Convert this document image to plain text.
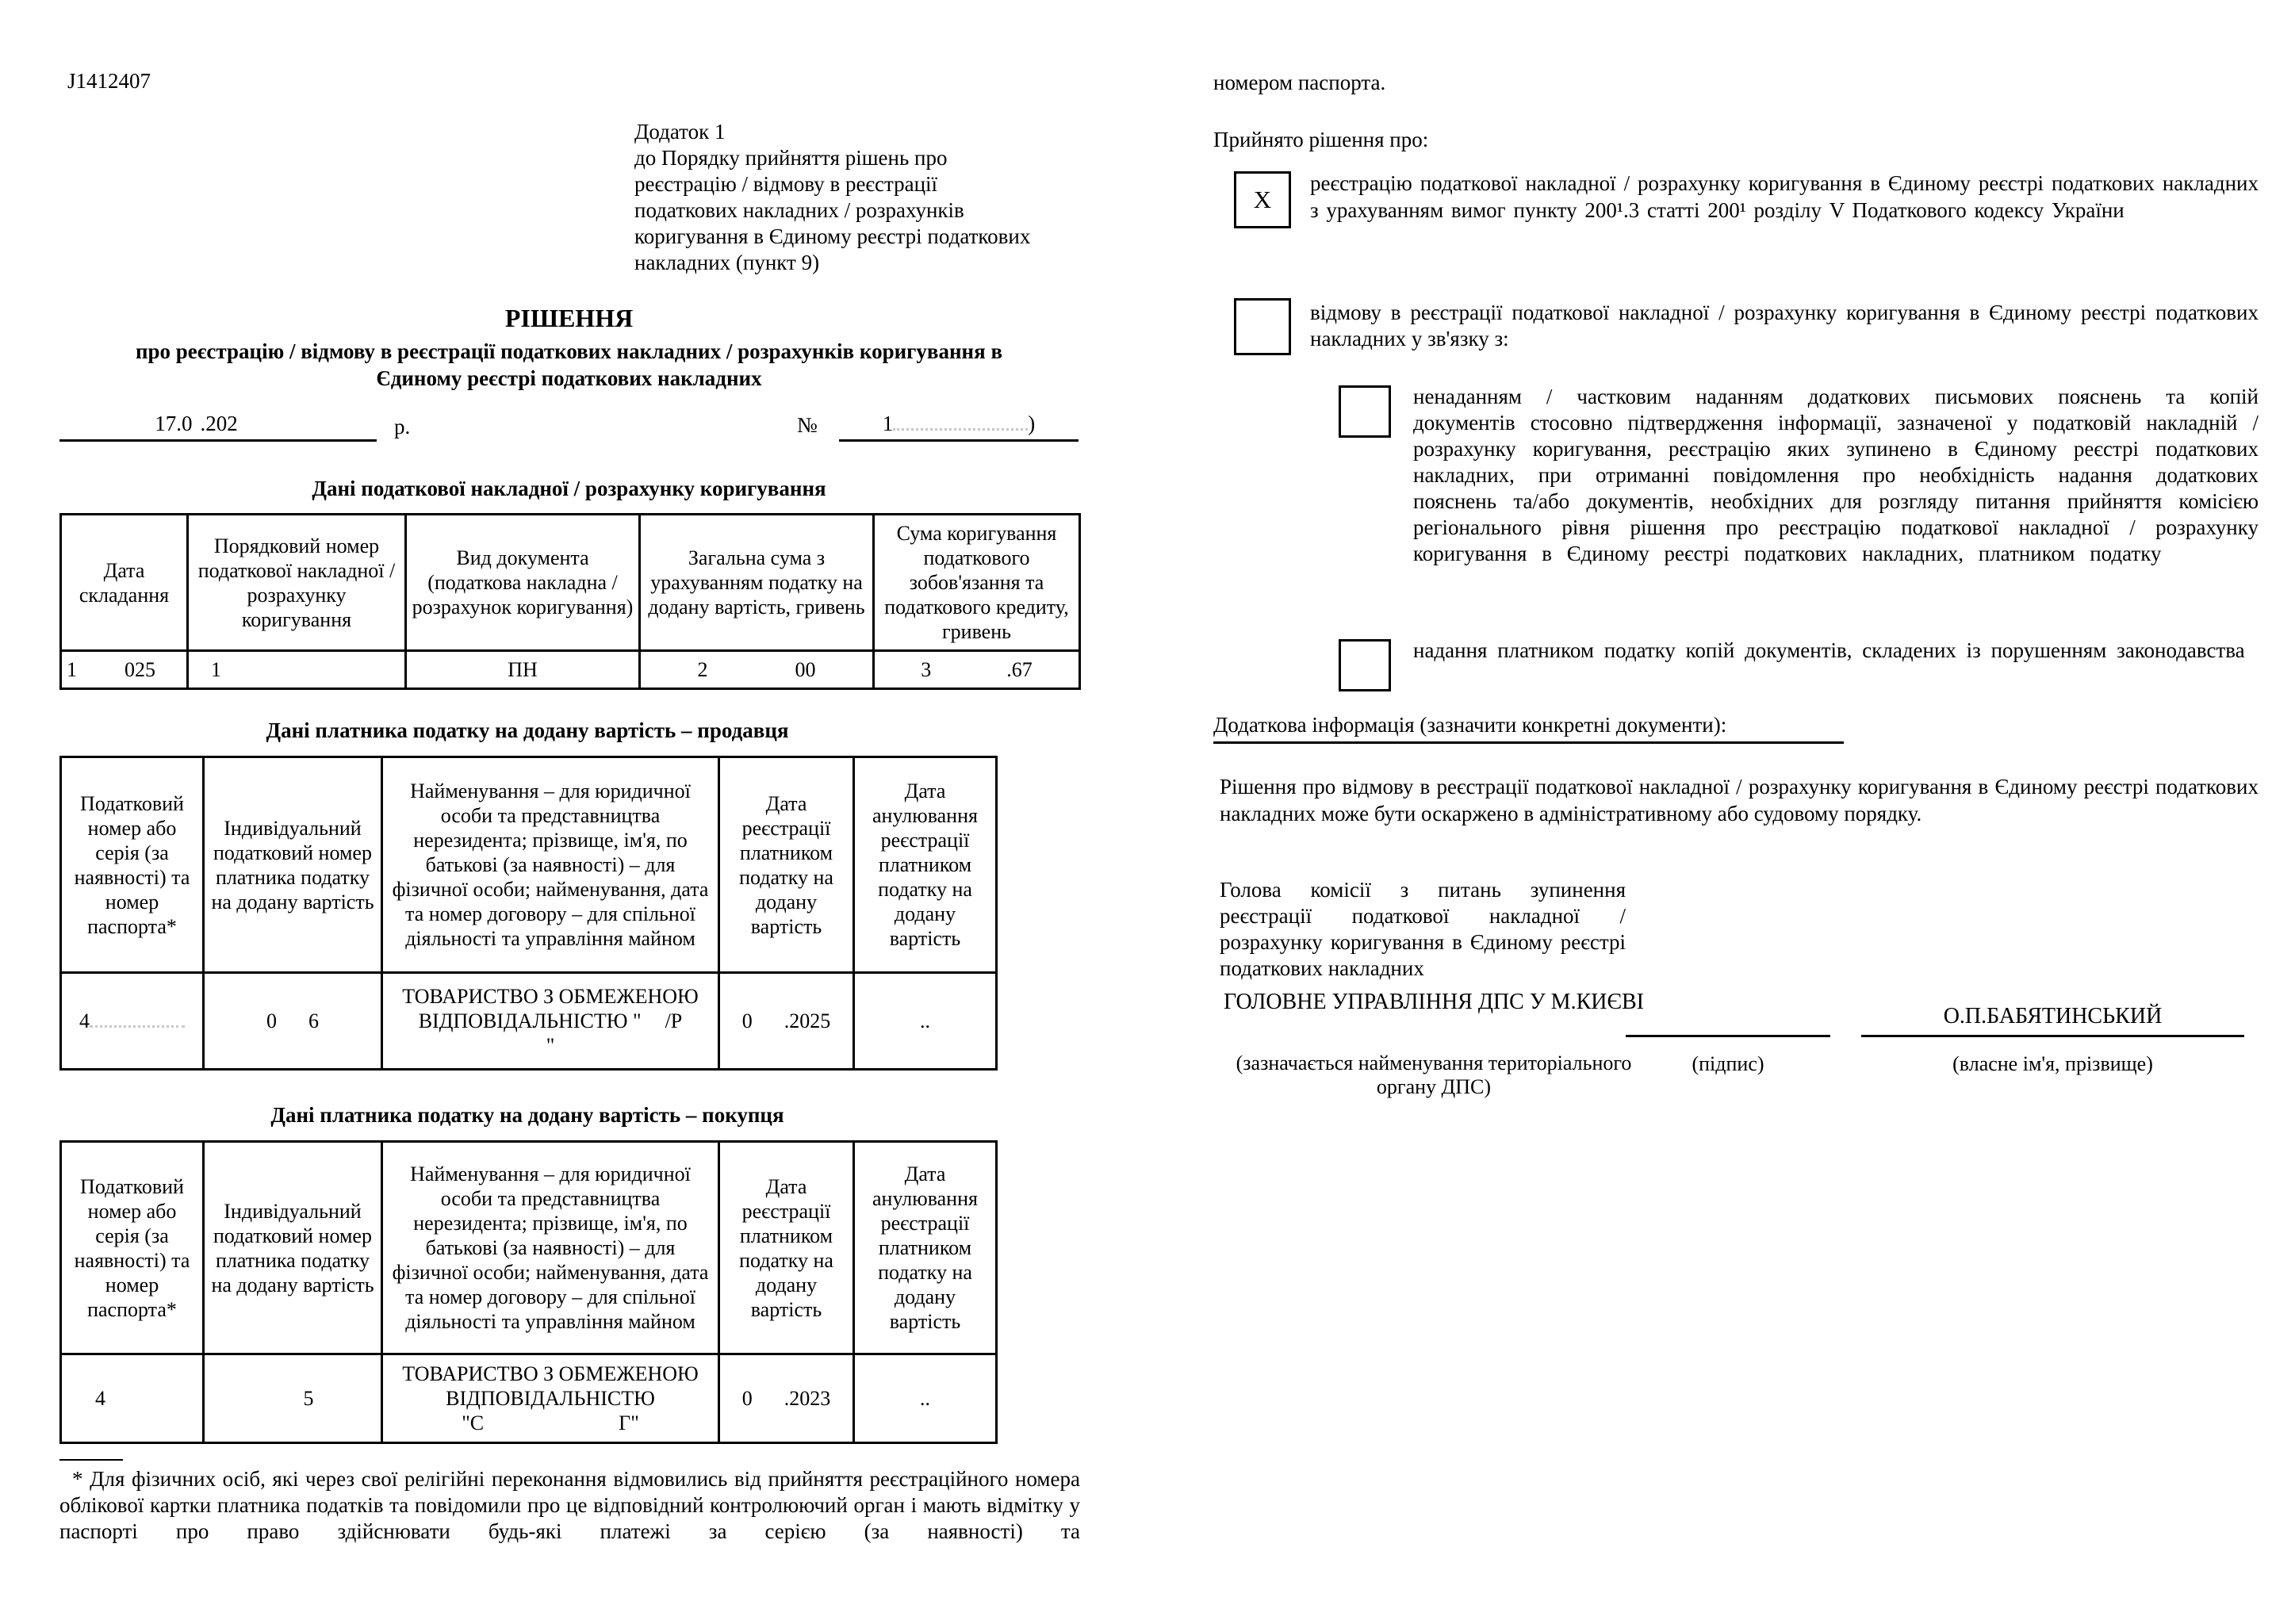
J1412407
Додаток 1
до Порядку прийняття рішень про
реєстрацію / відмову в реєстрації
податкових накладних / розрахунків
коригування в Єдиному реєстрі податкових
накладних (пункт 9)
РІШЕННЯ
про реєстрацію / відмову в реєстрації податкових накладних / розрахунків коригування в
Єдиному реєстрі податкових накладних
17.0 .202	р.	№	1	)
Дані податкової накладної / розрахунку коригування
Дата складання	Порядковий номер податкової накладної / розрахунку коригування	Вид документа (податкова накладна / розрахунок коригування)	Загальна сума з урахуванням податку на додану вартість, гривень	Сума коригування податкового зобов'язання та податкового кредиту, гривень
1 025	1	ПН	2 00	3 .67
Дані платника податку на додану вартість – продавця
Податковий номер або серія (за наявності) та номер паспорта*	Індивідуальний податковий номер платника податку на додану вартість	Найменування – для юридичної особи та представництва нерезидента; прізвище, ім'я, по батькові (за наявності) – для фізичної особи; найменування, дата та номер договору – для спільної діяльності та управління майном	Дата реєстрації платником податку на додану вартість	Дата анулювання реєстрації платником податку на додану вартість
4	0 6	ТОВАРИСТВО З ОБМЕЖЕНОЮ
ВІДПОВІДАЛЬНІСТЮ " /Р
"	0 .2025	..
Дані платника податку на додану вартість – покупця
Податковий номер або серія (за наявності) та номер паспорта*	Індивідуальний податковий номер платника податку на додану вартість	Найменування – для юридичної особи та представництва нерезидента; прізвище, ім'я, по батькові (за наявності) – для фізичної особи; найменування, дата та номер договору – для спільної діяльності та управління майном	Дата реєстрації платником податку на додану вартість	Дата анулювання реєстрації платником податку на додану вартість
4	5	ТОВАРИСТВО З ОБМЕЖЕНОЮ
ВІДПОВІДАЛЬНІСТЮ
"С Г"	0 .2023	..
* Для фізичних осіб, які через свої релігійні переконання відмовились від прийняття реєстраційного номера облікової картки платника податків та повідомили про це відповідний контролюючий орган і мають відмітку у паспорті про право здійснювати будь-які платежі за серією (за наявності) та
номером паспорта.
Прийнято рішення про:
X
реєстрацію податкової накладної / розрахунку коригування в Єдиному реєстрі податкових накладних з урахуванням вимог пункту 200¹.3 статті 200¹ розділу V Податкового кодексу України
відмову в реєстрації податкової накладної / розрахунку коригування в Єдиному реєстрі податкових накладних у зв'язку з:
ненаданням / частковим наданням додаткових письмових пояснень та копій документів стосовно підтвердження інформації, зазначеної у податковій накладній / розрахунку коригування, реєстрацію яких зупинено в Єдиному реєстрі податкових накладних, при отриманні повідомлення про необхідність надання додаткових пояснень та/або документів, необхідних для розгляду питання прийняття комісією регіонального рівня рішення про реєстрацію податкової накладної / розрахунку коригування в Єдиному реєстрі податкових накладних, платником податку
надання платником податку копій документів, складених із порушенням законодавства
Додаткова інформація (зазначити конкретні документи):
Рішення про відмову в реєстрації податкової накладної / розрахунку коригування в Єдиному реєстрі податкових накладних може бути оскаржено в адміністративному або судовому порядку.
Голова комісії з питань зупинення реєстрації податкової накладної / розрахунку коригування в Єдиному реєстрі податкових накладних
ГОЛОВНЕ УПРАВЛІННЯ ДПС У М.КИЄВІ
(зазначається найменування територіального органу ДПС)
(підпис)
О.П.БАБЯТИНСЬКИЙ
(власне ім'я, прізвище)
